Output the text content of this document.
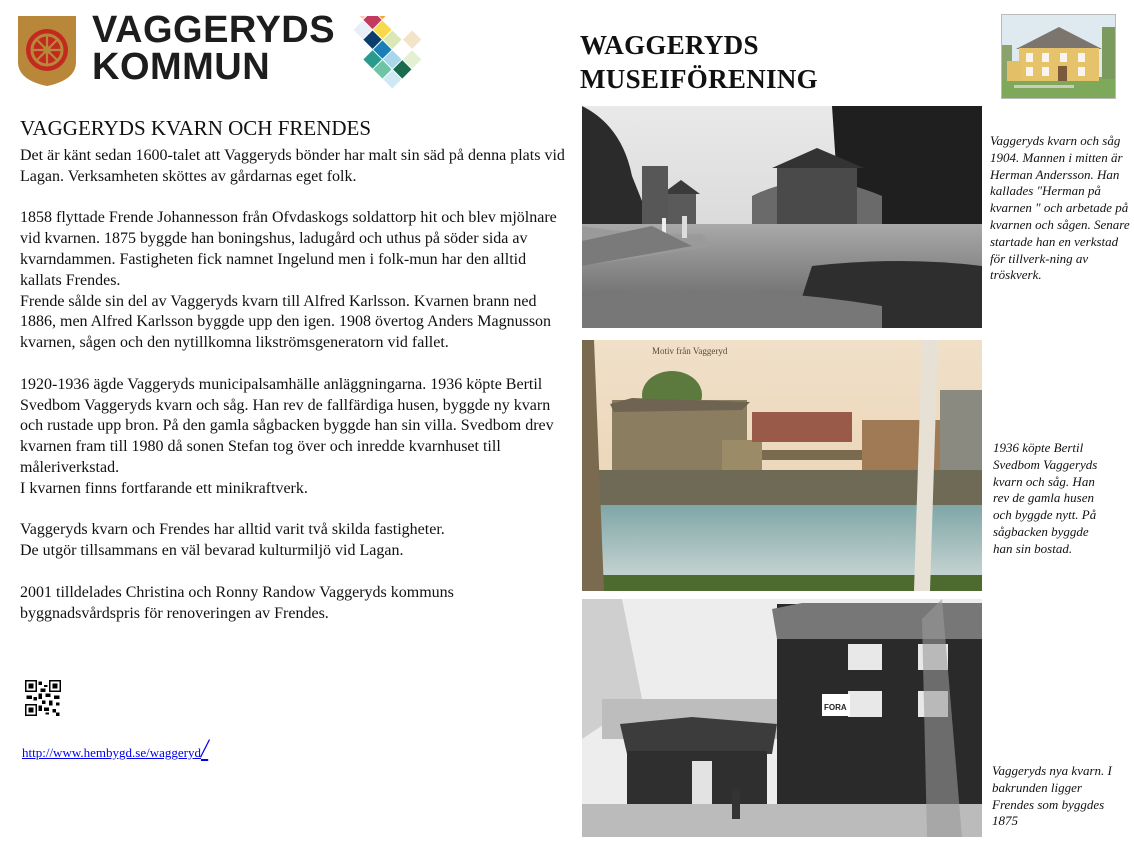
VAGGERYDS
KOMMUN
WAGGERYDS
MUSEIFÖRENING
VAGGERYDS KVARN OCH FRENDES

Det är känt sedan 1600-talet att Vaggeryds bönder har malt sin säd på denna plats vid Lagan. Verksamheten sköttes av gårdarnas eget folk.

1858 flyttade Frende Johannesson från Ofvdaskogs soldattorp hit och blev mjölnare vid kvarnen. 1875 byggde han boningshus, ladugård och uthus på söder sida av kvarndammen. Fastigheten fick namnet Ingelund men i folk-mun har den alltid kallats Frendes.

Frende sålde sin del av Vaggeryds kvarn till Alfred Karlsson. Kvarnen brann ned 1886, men Alfred Karlsson byggde upp den igen. 1908 övertog Anders Magnusson kvarnen, sågen och den nytillkomna likströmsgeneratorn vid fallet.

1920-1936 ägde Vaggeryds municipalsamhälle anläggningarna. 1936 köpte Bertil Svedbom Vaggeryds kvarn och såg. Han rev de fallfärdiga husen, byggde ny kvarn och rustade upp bron. På den gamla sågbacken byggde han sin villa. Svedbom drev kvarnen fram till 1980 då sonen Stefan tog över och inredde kvarnhuset till måleriverkstad.

I kvarnen finns fortfarande ett minikraftverk.

Vaggeryds kvarn och Frendes har alltid varit två skilda fastigheter.

De utgör tillsammans en väl bevarad kulturmiljö vid Lagan.

2001 tilldelades Christina och Ronny Randow Vaggeryds kommuns byggnadsvårdspris för renoveringen av Frendes.

http://www.hembygd.se/waggeryd/
Motiv från Vaggeryd
FORA
Vaggeryds kvarn och såg 1904. Mannen i mitten är Herman Andersson. Han kallades "Herman på kvarnen " och arbetade på kvarnen och sågen. Senare startade han en verkstad för tillverk-ning av tröskverk.
1936 köpte Bertil Svedbom Vaggeryds kvarn och såg. Han rev de gamla husen och byggde nytt. På sågbacken byggde han sin bostad.
Vaggeryds nya kvarn. I bakrunden ligger Frendes som byggdes 1875
